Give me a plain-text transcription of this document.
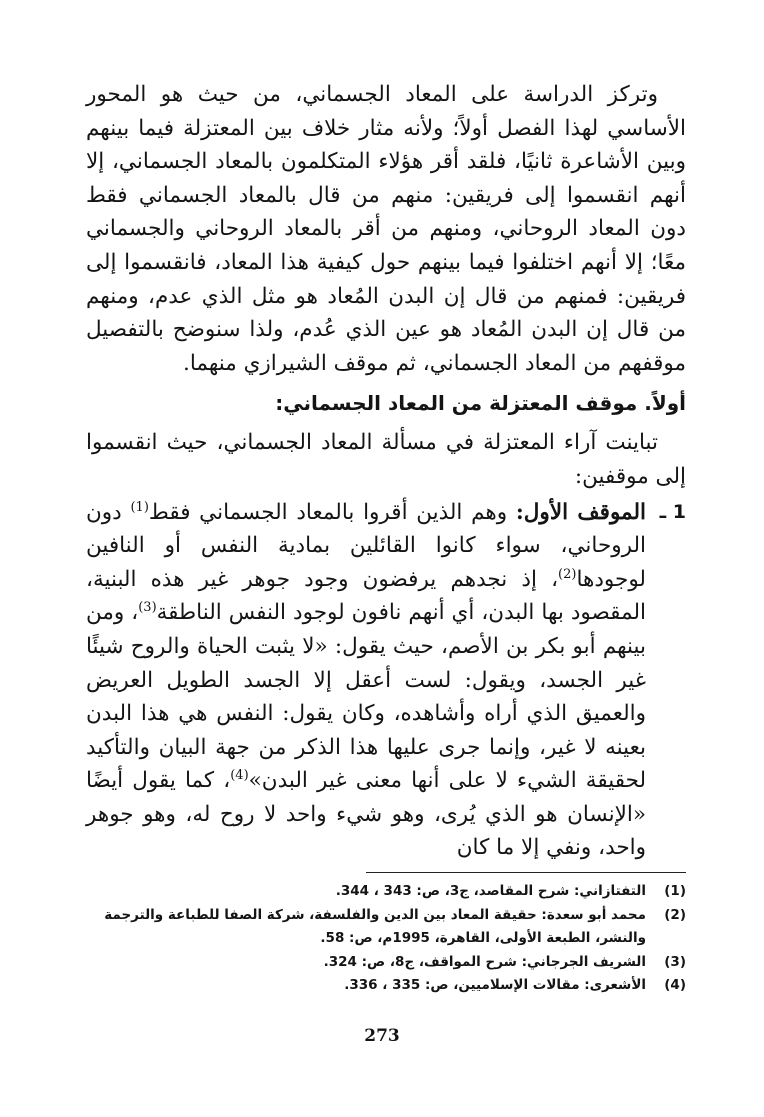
وتركز الدراسة على المعاد الجسماني، من حيث هو المحور الأساسي لهذا الفصل أولاً؛ ولأنه مثار خلاف بين المعتزلة فيما بينهم وبين الأشاعرة ثانيًا، فلقد أقر هؤلاء المتكلمون بالمعاد الجسماني، إلا أنهم انقسموا إلى فريقين: منهم من قال بالمعاد الجسماني فقط دون المعاد الروحاني، ومنهم من أقر بالمعاد الروحاني والجسماني معًا؛ إلا أنهم اختلفوا فيما بينهم حول كيفية هذا المعاد، فانقسموا إلى فريقين: فمنهم من قال إن البدن المُعاد هو مثل الذي عدم، ومنهم من قال إن البدن المُعاد هو عين الذي عُدم، ولذا سنوضح بالتفصيل موقفهم من المعاد الجسماني، ثم موقف الشيرازي منهما.

أولاً. موقف المعتزلة من المعاد الجسماني:

تباينت آراء المعتزلة في مسألة المعاد الجسماني، حيث انقسموا إلى موقفين:

1 ـ
الموقف الأول: وهم الذين أقروا بالمعاد الجسماني فقط$^{(1)}$ دون الروحاني، سواء كانوا القائلين بمادية النفس أو النافين لوجودها$^{(2)}$، إذ نجدهم يرفضون وجود جوهر غير هذه البنية، المقصود بها البدن، أي أنهم نافون لوجود النفس الناطقة$^{(3)}$، ومن بينهم أبو بكر بن الأصم، حيث يقول: «لا يثبت الحياة والروح شيئًا غير الجسد، ويقول: لست أعقل إلا الجسد الطويل العريض والعميق الذي أراه وأشاهده، وكان يقول: النفس هي هذا البدن بعينه لا غير، وإنما جرى عليها هذا الذكر من جهة البيان والتأكيد لحقيقة الشيء لا على أنها معنى غير البدن»$^{(4)}$، كما يقول أيضًا «الإنسان هو الذي يُرى، وهو شيء واحد لا روح له، وهو جوهر واحد، ونفي إلا ما كان
(1)
التفتازاني: شرح المقاصد، ج3، ص: 343 ، 344.
(2)
محمد أبو سعدة: حقيقة المعاد بين الدين والفلسفة، شركة الصفا للطباعة والترجمة والنشر، الطبعة الأولى، القاهرة، 1995م، ص: 58.
(3)
الشريف الجرجاني: شرح المواقف، ج8، ص: 324.
(4)
الأشعرى: مقالات الإسلاميين، ص: 335 ، 336.
273
